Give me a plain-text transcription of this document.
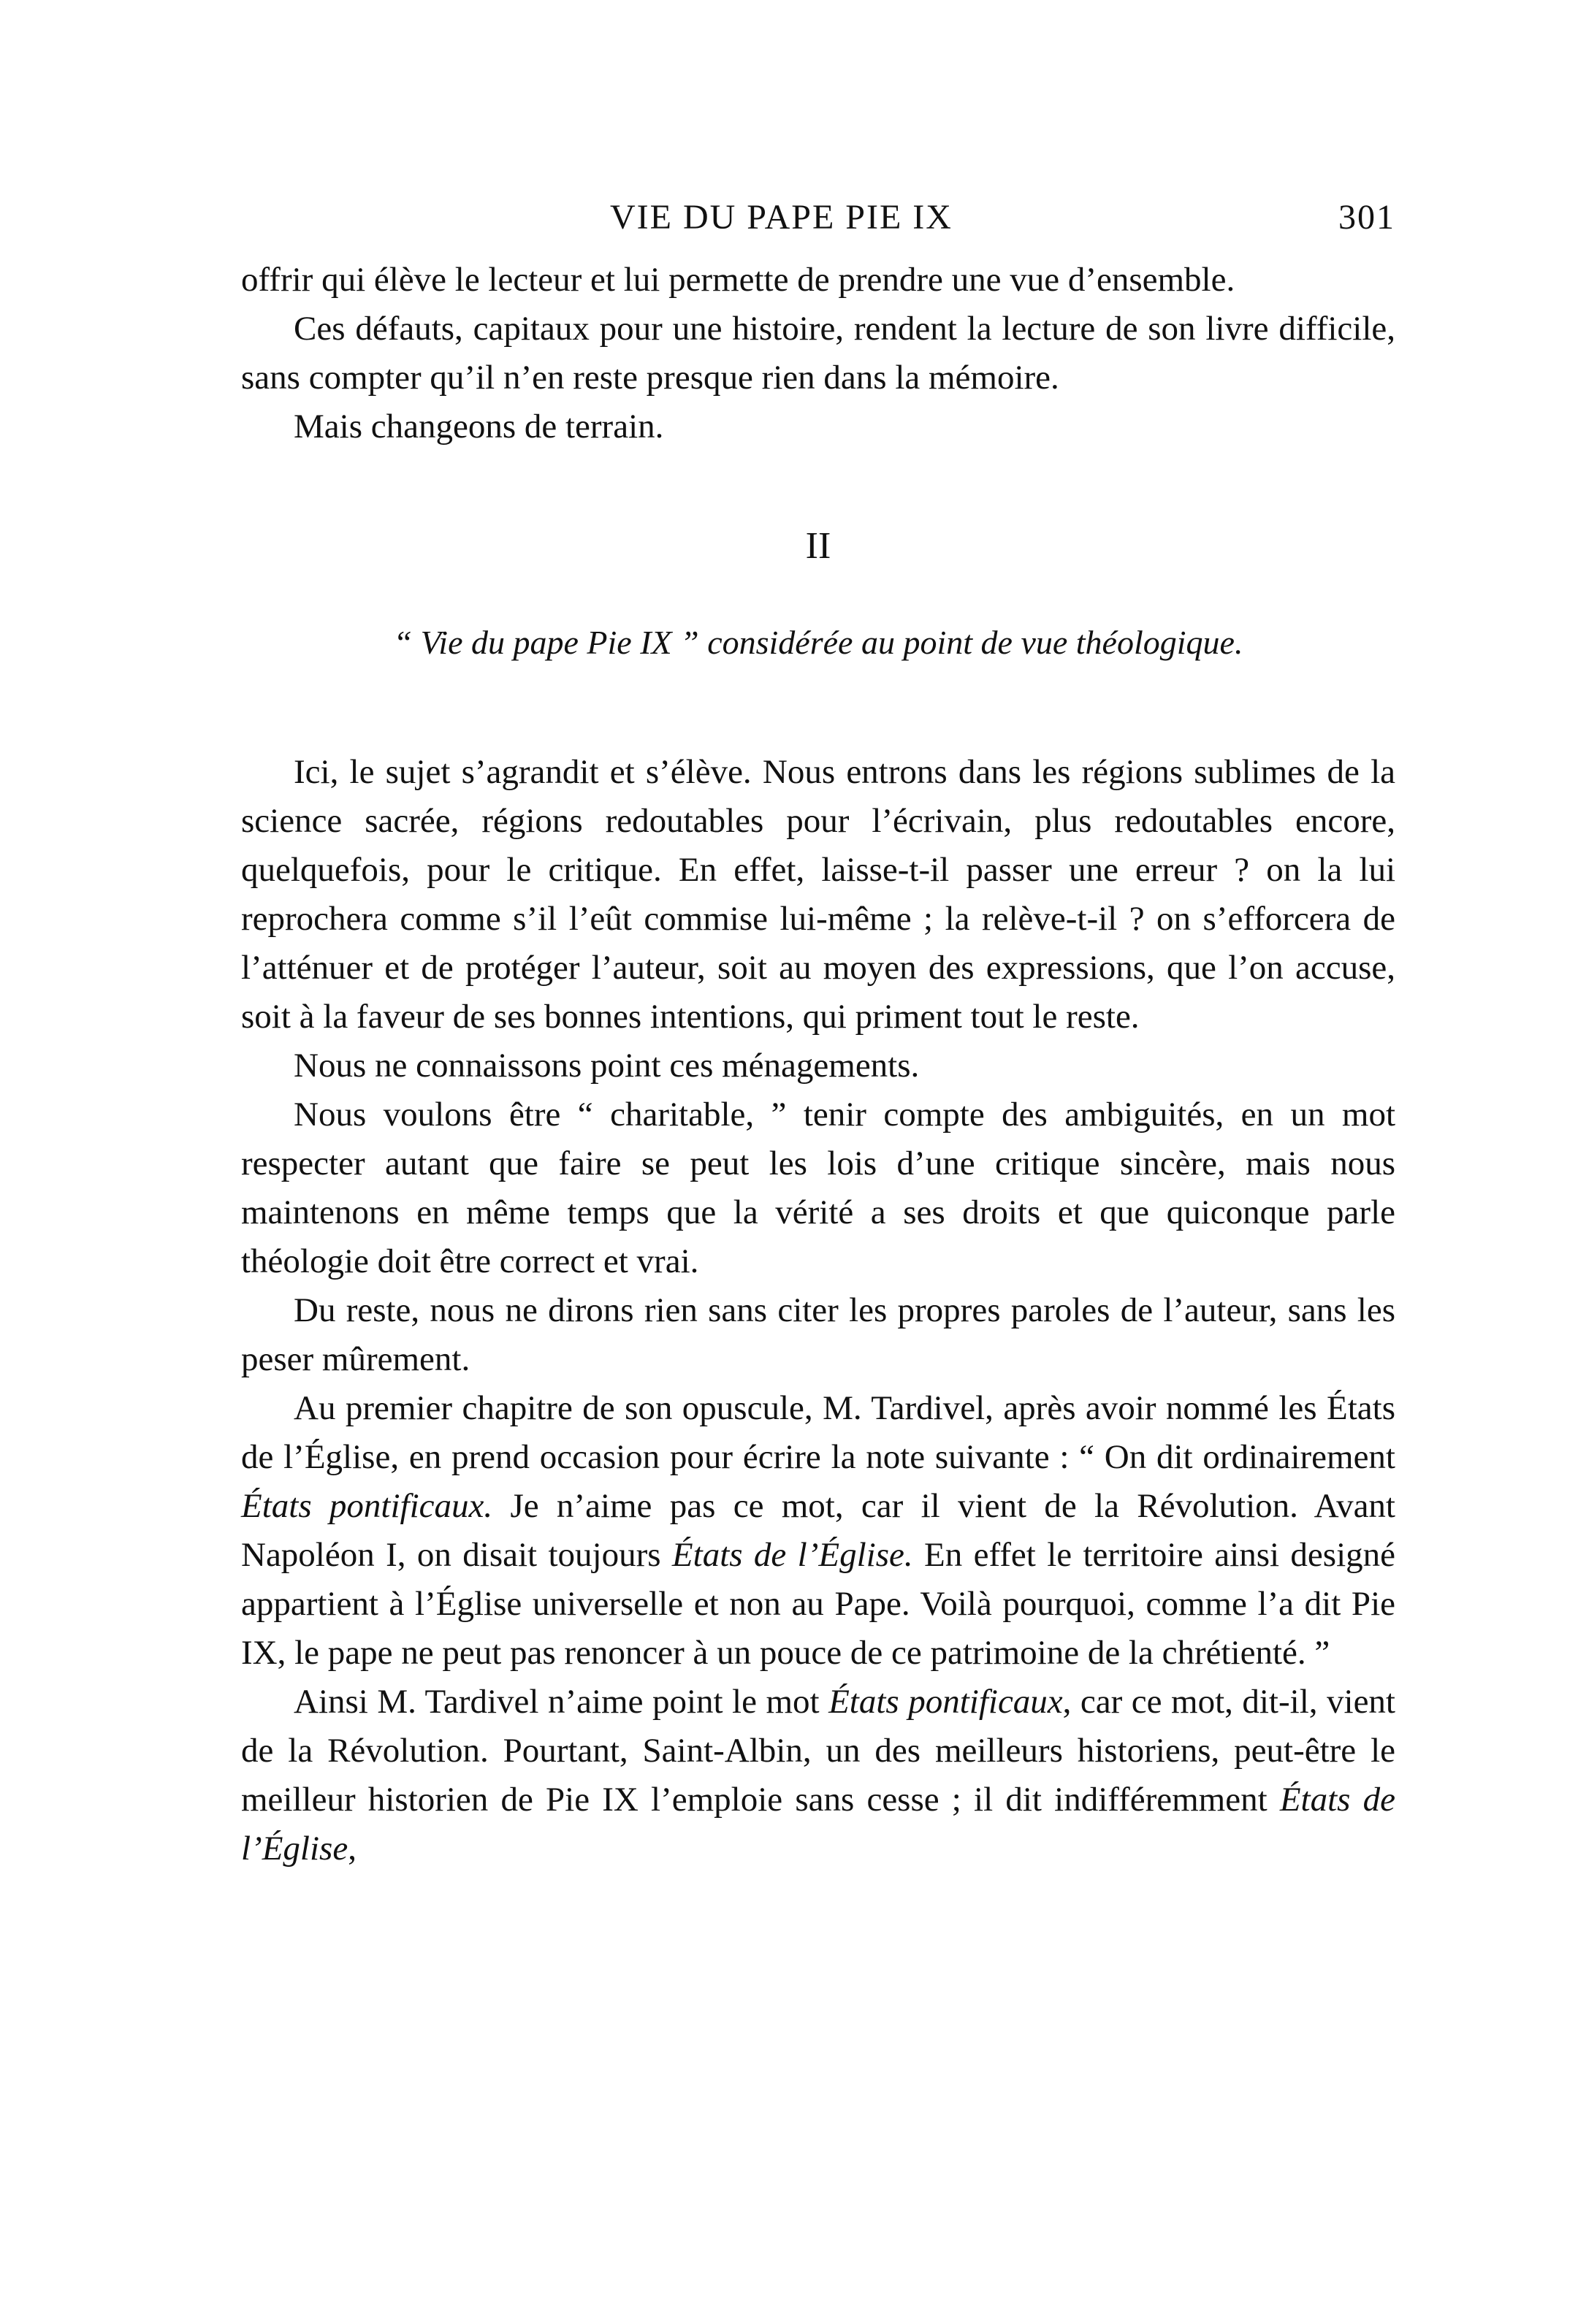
VIE DU PAPE PIE IX	301

offrir qui élève le lecteur et lui permette de prendre une vue d’ensemble.

Ces défauts, capitaux pour une histoire, rendent la lecture de son livre difficile, sans compter qu’il n’en reste presque rien dans la mémoire.

Mais changeons de terrain.

II
“ Vie du pape Pie IX ” considérée au point de vue théologique.

Ici, le sujet s’agrandit et s’élève. Nous entrons dans les régions sublimes de la science sacrée, régions redoutables pour l’écrivain, plus redoutables encore, quelquefois, pour le critique. En effet, laisse-t-il passer une erreur ? on la lui reprochera comme s’il l’eût commise lui-même ; la relève-t-il ? on s’efforcera de l’atténuer et de protéger l’auteur, soit au moyen des expressions, que l’on accuse, soit à la faveur de ses bonnes intentions, qui priment tout le reste.

Nous ne connaissons point ces ménagements.

Nous voulons être “ charitable, ” tenir compte des ambiguités, en un mot respecter autant que faire se peut les lois d’une critique sincère, mais nous maintenons en même temps que la vérité a ses droits et que quiconque parle théologie doit être correct et vrai.

Du reste, nous ne dirons rien sans citer les propres paroles de l’auteur, sans les peser mûrement.

Au premier chapitre de son opuscule, M. Tardivel, après avoir nommé les États de l’Église, en prend occasion pour écrire la note suivante : “ On dit ordinairement États pontificaux. Je n’aime pas ce mot, car il vient de la Révolution. Avant Napoléon I, on disait toujours États de l’Église. En effet le territoire ainsi designé appartient à l’Église universelle et non au Pape. Voilà pourquoi, comme l’a dit Pie IX, le pape ne peut pas renoncer à un pouce de ce patrimoine de la chrétienté. ”

Ainsi M. Tardivel n’aime point le mot États pontificaux, car ce mot, dit-il, vient de la Révolution. Pourtant, Saint-Albin, un des meilleurs historiens, peut-être le meilleur historien de Pie IX l’emploie sans cesse ; il dit indifféremment États de l’Église,
